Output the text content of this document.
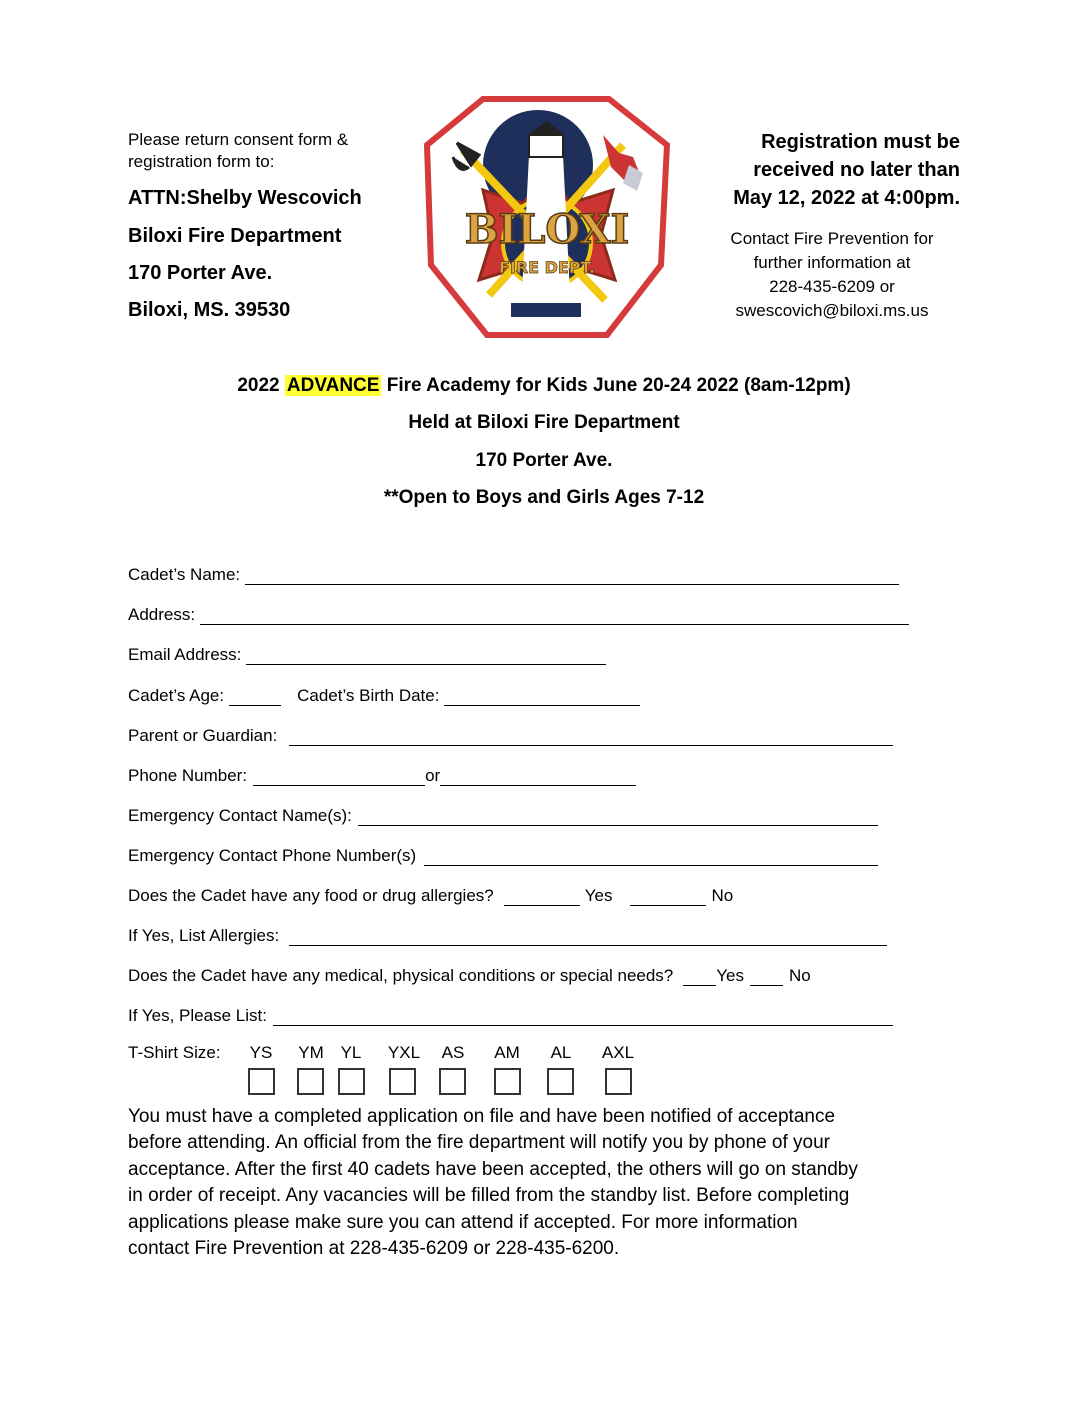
Please return consent form &
registration form to:
ATTN:Shelby Wescovich
Biloxi Fire Department
170 Porter Ave.
Biloxi, MS. 39530
BILOXI
FIRE DEPT.
Registration must be
received no later than
May 12, 2022 at 4:00pm.
Contact Fire Prevention for
further information at
228-435-6209 or
swescovich@biloxi.ms.us
2022 ADVANCE Fire Academy for Kids June 20-24 2022 (8am-12pm)
Held at Biloxi Fire Department
170 Porter Ave.
**Open to Boys and Girls Ages 7-12
Cadet’s Name:
Address:
Email Address:
Cadet’s Age:	Cadet’s Birth Date:
Parent or Guardian:
Phone Number:	or
Emergency Contact Name(s):
Emergency Contact Phone Number(s)
Does the Cadet have any food or drug allergies?	Yes	No
If Yes, List Allergies:
Does the Cadet have any medical, physical conditions or special needs?	Yes	No
If Yes, Please List:
T-Shirt Size: YS YM YL YXL AS AM AL AXL
You must have a completed application on file and have been notified of acceptance
before attending. An official from the fire department will notify you by phone of your
acceptance. After the first 40 cadets have been accepted, the others will go on standby
in order of receipt. Any vacancies will be filled from the standby list. Before completing
applications please make sure you can attend if accepted. For more information
contact Fire Prevention at 228-435-6209 or 228-435-6200.
